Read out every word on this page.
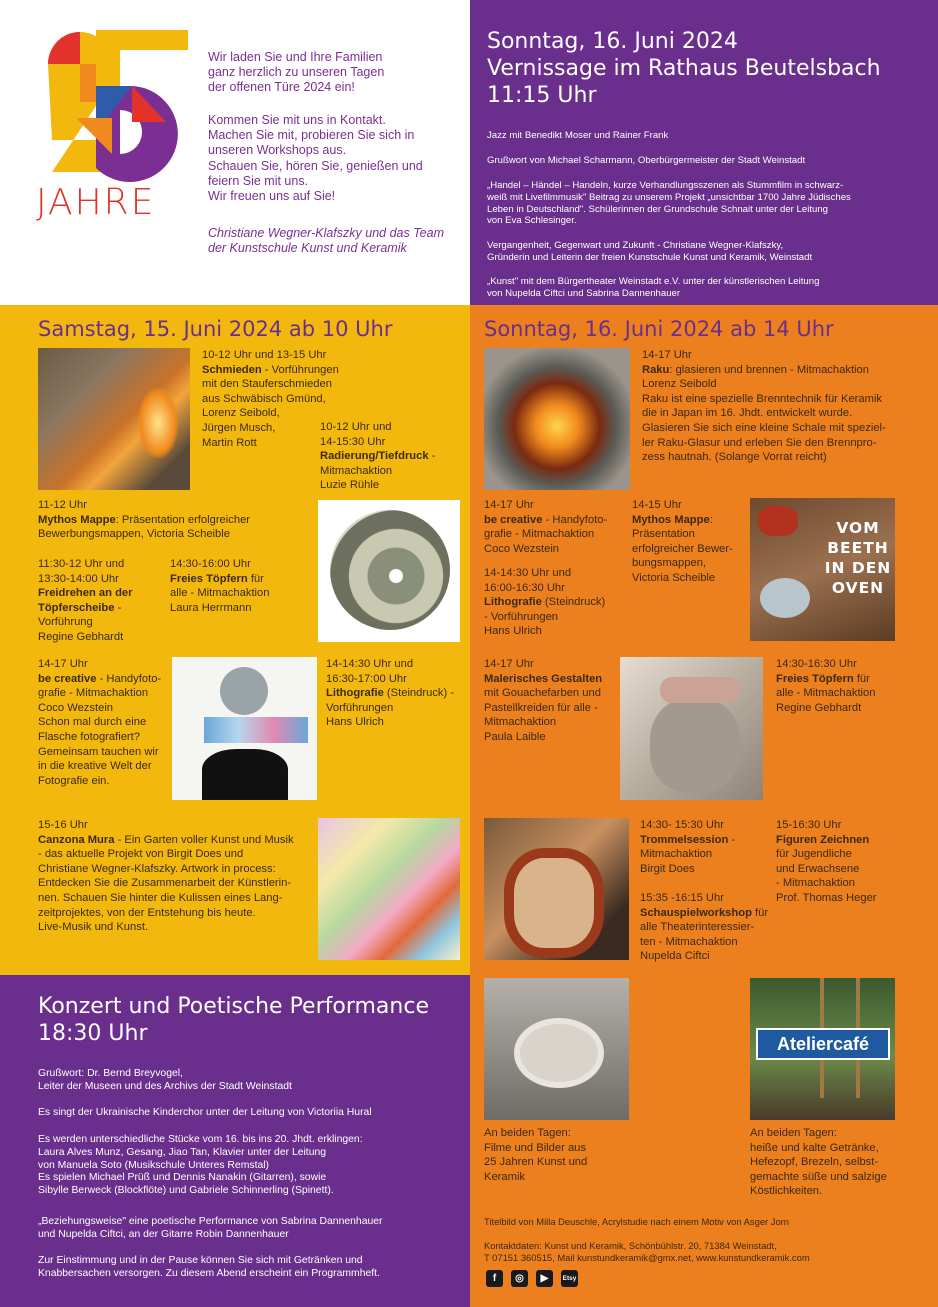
JAHRE
Wir laden Sie und Ihre Familien
ganz herzlich zu unseren Tagen
der offenen Türe 2024 ein!
Kommen Sie mit uns in Kontakt.
Machen Sie mit, probieren Sie sich in
unseren Workshops aus.
Schauen Sie, hören Sie, genießen und
feiern Sie mit uns.
Wir freuen uns auf Sie!
Christiane Wegner-Klafszky und das Team
der Kunstschule Kunst und Keramik
Sonntag, 16. Juni 2024
Vernissage im Rathaus Beutelsbach
11:15 Uhr
Jazz mit Benedikt Moser und Rainer Frank
Grußwort von Michael Scharmann, Oberbürgermeister der Stadt Weinstadt
„Handel – Händel – Handeln, kurze Verhandlungsszenen als Stummfilm in schwarz-
weiß mit Livefilmmusik" Beitrag zu unserem Projekt „unsichtbar 1700 Jahre Jüdisches
Leben in Deutschland". Schülerinnen der Grundschule Schnait unter der Leitung
von Eva Schlesinger.
Vergangenheit, Gegenwart und Zukunft - Christiane Wegner-Klafszky,
Gründerin und Leiterin der freien Kunstschule Kunst und Keramik, Weinstadt
„Kunst" mit dem Bürgertheater Weinstadt e.V. unter der künstlerischen Leitung
von Nupelda Ciftci und Sabrina Dannenhauer
Samstag, 15. Juni 2024 ab 10 Uhr
10-12 Uhr und 13-15 Uhr
Schmieden - Vorführungen
mit den Stauferschmieden
aus Schwäbisch Gmünd,
Lorenz Seibold,
Jürgen Musch,
Martin Rott
10-12 Uhr und
14-15:30 Uhr
Radierung/Tiefdruck -
Mitmachaktion
Luzie Rühle
11-12 Uhr
Mythos Mappe: Präsentation erfolgreicher
Bewerbungsmappen, Victoria Scheible
11:30-12 Uhr und
13:30-14:00 Uhr
Freidrehen an der
Töpferscheibe -
Vorführung
Regine Gebhardt
14:30-16:00 Uhr
Freies Töpfern für
alle - Mitmachaktion
Laura Herrmann
14-17 Uhr
be creative - Handyfoto-
grafie - Mitmachaktion
Coco Wezstein
Schon mal durch eine
Flasche fotografiert?
Gemeinsam tauchen wir
in die kreative Welt der
Fotografie ein.
14-14:30 Uhr und
16:30-17:00 Uhr
Lithografie (Steindruck) -
Vorführungen
Hans Ulrich
15-16 Uhr
Canzona Mura - Ein Garten voller Kunst und Musik
- das aktuelle Projekt von Birgit Does und
Christiane Wegner-Klafszky. Artwork in process:
Entdecken Sie die Zusammenarbeit der Künstlerin-
nen. Schauen Sie hinter die Kulissen eines Lang-
zeitprojektes, von der Entstehung bis heute.
Live-Musik und Kunst.
Sonntag, 16. Juni 2024 ab 14 Uhr
VOM
BEETH
IN DEN
OVEN
Ateliercafé
14-17 Uhr
Raku: glasieren und brennen - Mitmachaktion
Lorenz Seibold
Raku ist eine spezielle Brenntechnik für Keramik
die in Japan im 16. Jhdt. entwickelt wurde.
Glasieren Sie sich eine kleine Schale mit speziel-
ler Raku-Glasur und erleben Sie den Brennpro-
zess hautnah. (Solange Vorrat reicht)
14-17 Uhr
be creative - Handyfoto-
grafie - Mitmachaktion
Coco Wezstein
14-14:30 Uhr und
16:00-16:30 Uhr
Lithografie (Steindruck)
- Vorführungen
Hans Ulrich
14-15 Uhr
Mythos Mappe:
Präsentation
erfolgreicher Bewer-
bungsmappen,
Victoria Scheible
14-17 Uhr
Malerisches Gestalten
mit Gouachefarben und
Pastellkreiden für alle -
Mitmachaktion
Paula Laible
14:30-16:30 Uhr
Freies Töpfern für
alle - Mitmachaktion
Regine Gebhardt
14:30- 15:30 Uhr
Trommelsession -
Mitmachaktion
Birgit Does
15:35 -16:15 Uhr
Schauspielworkshop für
alle Theaterinteressier-
ten - Mitmachaktion
Nupelda Ciftci
15-16:30 Uhr
Figuren Zeichnen
für Jugendliche
und Erwachsene
- Mitmachaktion
Prof. Thomas Heger
An beiden Tagen:
Filme und Bilder aus
25 Jahren Kunst und
Keramik
An beiden Tagen:
heiße und kalte Getränke,
Hefezopf, Brezeln, selbst-
gemachte süße und salzige
Köstlichkeiten.
Titelbild von Milla Deuschle, Acrylstudie nach einem Motiv von Asger Jorn
Kontaktdaten: Kunst und Keramik, Schönbühlstr. 20, 71384 Weinstadt,
T 07151 360515, Mail kunstundkeramik@gmx.net, www.kunstundkeramik.com
f	◎	▶	Etsy
Konzert und Poetische Performance
18:30 Uhr
Grußwort: Dr. Bernd Breyvogel,
Leiter der Museen und des Archivs der Stadt Weinstadt
Es singt der Ukrainische Kinderchor unter der Leitung von Victoriia Hural
Es werden unterschiedliche Stücke vom 16. bis ins 20. Jhdt. erklingen:
Laura Alves Munz, Gesang, Jiao Tan, Klavier unter der Leitung
von Manuela Soto (Musikschule Unteres Remstal)
Es spielen Michael Prüß und Dennis Nanakin (Gitarren), sowie
Sibylle Berweck (Blockflöte) und Gabriele Schinnerling (Spinett).
„Beziehungsweise" eine poetische Performance von Sabrina Dannenhauer
und Nupelda Ciftci, an der Gitarre Robin Dannenhauer
Zur Einstimmung und in der Pause können Sie sich mit Getränken und
Knabbersachen versorgen. Zu diesem Abend erscheint ein Programmheft.
